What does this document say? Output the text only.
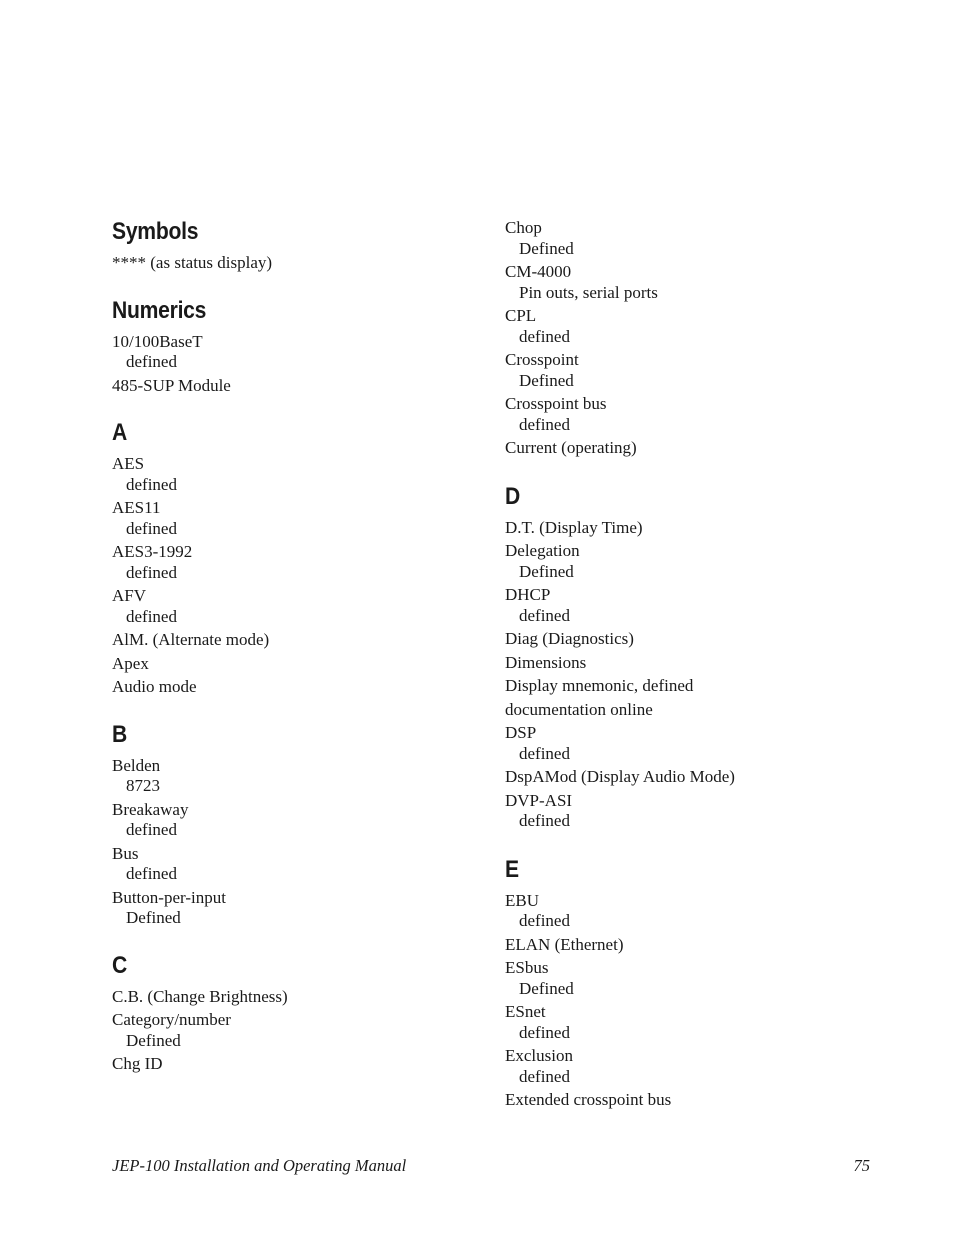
Symbols
**** (as status display)
Numerics
10/100BaseT
defined
485-SUP Module
A
AES
defined
AES11
defined
AES3-1992
defined
AFV
defined
AlM. (Alternate mode)
Apex
Audio mode
B
Belden
8723
Breakaway
defined
Bus
defined
Button-per-input
Defined
C
C.B. (Change Brightness)
Category/number
Defined
Chg ID
Chop
Defined
CM-4000
Pin outs, serial ports
CPL
defined
Crosspoint
Defined
Crosspoint bus
defined
Current (operating)
D
D.T. (Display Time)
Delegation
Defined
DHCP
defined
Diag (Diagnostics)
Dimensions
Display mnemonic, defined
documentation online
DSP
defined
DspAMod (Display Audio Mode)
DVP-ASI
defined
E
EBU
defined
ELAN (Ethernet)
ESbus
Defined
ESnet
defined
Exclusion
defined
Extended crosspoint bus
JEP-100 Installation and Operating Manual	75
